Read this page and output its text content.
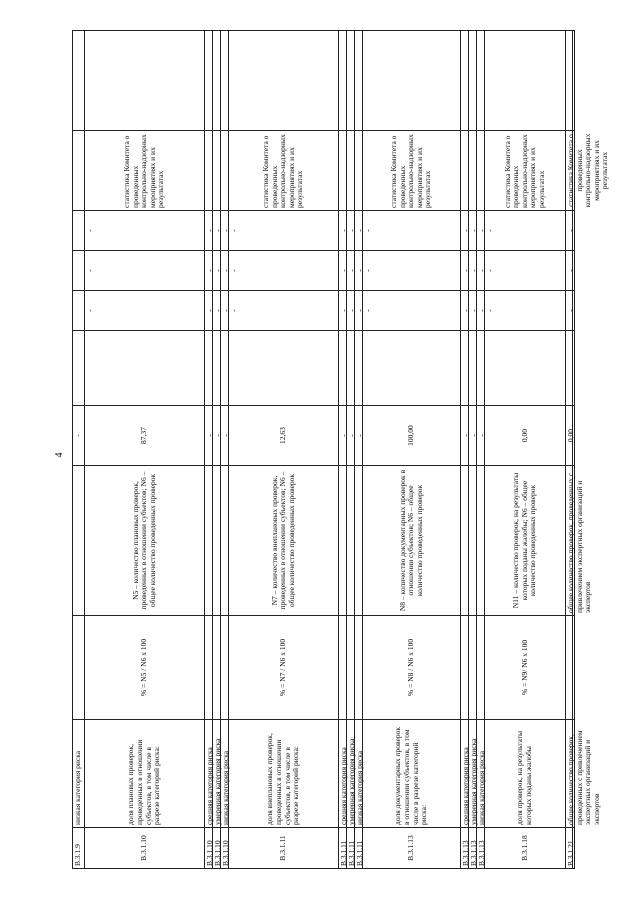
4
В.3.1.9
низкая категория риска
-
В.3.1.10
доля плановых проверок, проведенных в отношении субъектов, в том числе в разрезе категорий риска:
% = N5 / N6 x 100
N5 – количество плановых проверок, проведенных в отношении субъектов; N6 – общее количество проведенных проверок
87,37
-
-
-
статистика Комитета о проведенных контрольно-надзорных мероприятиях и их результатах
В.3.1.10
средняя категория риска
-
-
-
-
В.3.1.10
умеренная категория риска
-
-
-
-
В.3.1.10
низкая категория риска
-
-
-
-
В.3.1.11
доля внеплановых проверок, проведенных в отношении субъектов, в том числе в разрезе категорий риска:
% = N7 / N6 x 100
N7 – количество внеплановых проверок, проведенных в отношении субъектов; N6 – общее количество проведенных проверок
12,63
-
-
-
статистика Комитета о проведенных контрольно-надзорных мероприятиях и их результатах
В.3.1.11
средняя категория риска
-
-
-
-
В.3.1.11
умеренная категория риска
-
-
-
-
В.3.1.11
низкая категория риска
-
-
-
-
В.3.1.13
доля документарных проверок в отношении субъектов, в том числе в разрезе категорий риска:
% = N8 / N6 x 100
N8 – количество документарных проверок в отношении субъектов; N6 – общее количество проведенных проверок
100,00
-
-
-
статистика Комитета о проведенных контрольно-надзорных мероприятиях и их результатах
В.3.1.13
средняя категория риска
-
-
-
-
В.3.1.13
умеренная категория риска
-
-
-
-
В.3.1.13
низкая категория риска
-
-
-
-
В.3.1.18
доля проверок, на результаты которых поданы жалобы
% = N9/ N6 x 100
N11 – количество проверок, на результаты которых поданы жалобы; N6 – общее количество проведенных проверок
0,00
-
-
-
статистика Комитета о проведенных контрольно-надзорных мероприятиях и их результатах
В.3.1.21
общее количество проверок, проведенных с привлечением экспертных организаций и экспертов
общее количество проверок, проведенных с привлечением экспертных организаций и экспертов
0,00
-
-
-
статистика Комитета о проведенных контрольно-надзорных мероприятиях и их результатах
В.3.1.24
доля проверок, результаты
N10 N6 100
N12 количество проверок,
0,00
статистика
